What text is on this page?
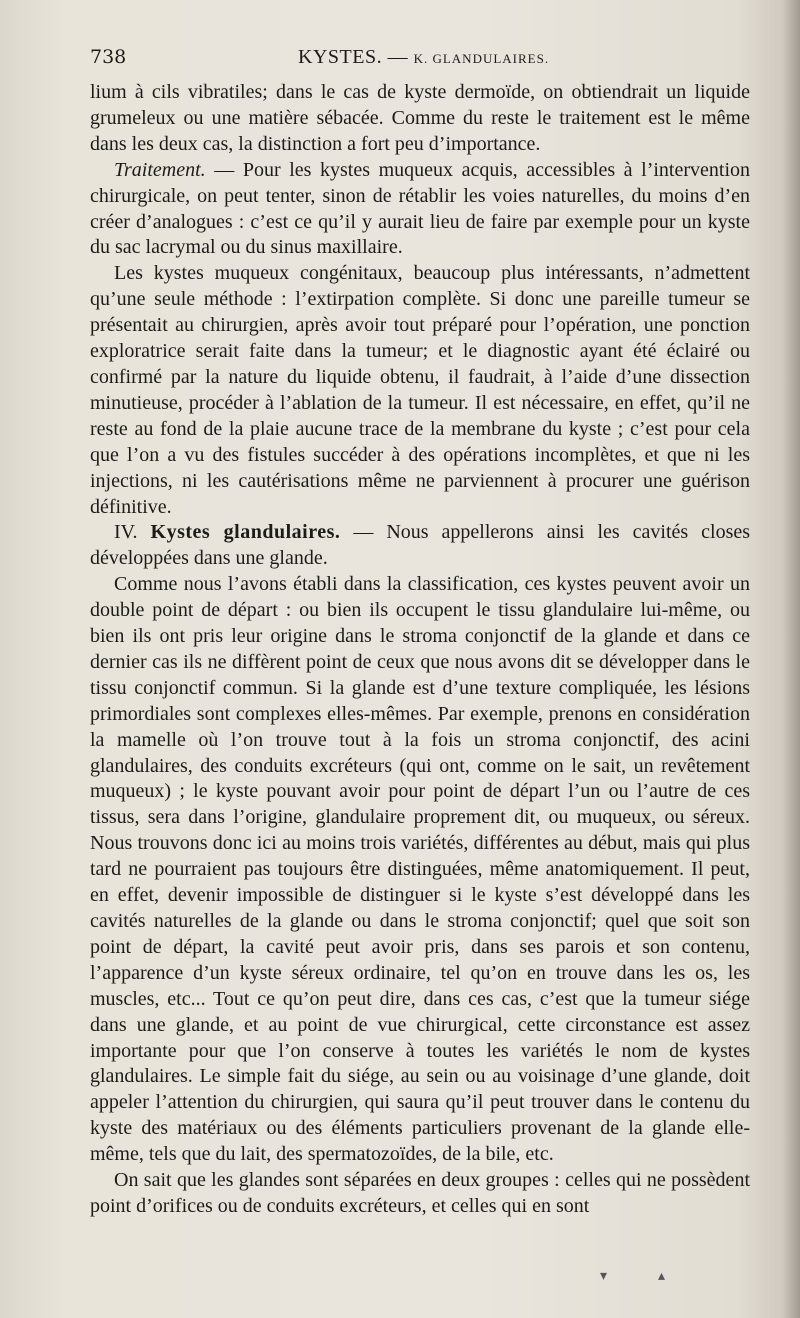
738	KYSTES. — K. GLANDULAIRES.

lium à cils vibratiles; dans le cas de kyste dermoïde, on obtiendrait un liquide grumeleux ou une matière sébacée. Comme du reste le traitement est le même dans les deux cas, la distinction a fort peu d’importance.

Traitement. — Pour les kystes muqueux acquis, accessibles à l’intervention chirurgicale, on peut tenter, sinon de rétablir les voies naturelles, du moins d’en créer d’analogues : c’est ce qu’il y aurait lieu de faire par exemple pour un kyste du sac lacrymal ou du sinus maxillaire.

Les kystes muqueux congénitaux, beaucoup plus intéressants, n’admettent qu’une seule méthode : l’extirpation complète. Si donc une pareille tumeur se présentait au chirurgien, après avoir tout préparé pour l’opération, une ponction exploratrice serait faite dans la tumeur; et le diagnostic ayant été éclairé ou confirmé par la nature du liquide obtenu, il faudrait, à l’aide d’une dissection minutieuse, procéder à l’ablation de la tumeur. Il est nécessaire, en effet, qu’il ne reste au fond de la plaie aucune trace de la membrane du kyste ; c’est pour cela que l’on a vu des fistules succéder à des opérations incomplètes, et que ni les injections, ni les cautérisations même ne parviennent à procurer une guérison définitive.

IV. Kystes glandulaires. — Nous appellerons ainsi les cavités closes développées dans une glande.

Comme nous l’avons établi dans la classification, ces kystes peuvent avoir un double point de départ : ou bien ils occupent le tissu glandulaire lui-même, ou bien ils ont pris leur origine dans le stroma conjonctif de la glande et dans ce dernier cas ils ne diffèrent point de ceux que nous avons dit se développer dans le tissu conjonctif commun. Si la glande est d’une texture compliquée, les lésions primordiales sont complexes elles-mêmes. Par exemple, prenons en considération la mamelle où l’on trouve tout à la fois un stroma conjonctif, des acini glandulaires, des conduits excréteurs (qui ont, comme on le sait, un revêtement muqueux) ; le kyste pouvant avoir pour point de départ l’un ou l’autre de ces tissus, sera dans l’origine, glandulaire proprement dit, ou muqueux, ou séreux. Nous trouvons donc ici au moins trois variétés, différentes au début, mais qui plus tard ne pourraient pas toujours être distinguées, même anatomiquement. Il peut, en effet, devenir impossible de distinguer si le kyste s’est développé dans les cavités naturelles de la glande ou dans le stroma conjonctif; quel que soit son point de départ, la cavité peut avoir pris, dans ses parois et son contenu, l’apparence d’un kyste séreux ordinaire, tel qu’on en trouve dans les os, les muscles, etc... Tout ce qu’on peut dire, dans ces cas, c’est que la tumeur siége dans une glande, et au point de vue chirurgical, cette circonstance est assez importante pour que l’on conserve à toutes les variétés le nom de kystes glandulaires. Le simple fait du siége, au sein ou au voisinage d’une glande, doit appeler l’attention du chirurgien, qui saura qu’il peut trouver dans le contenu du kyste des matériaux ou des éléments particuliers provenant de la glande elle-même, tels que du lait, des spermatozoïdes, de la bile, etc.

On sait que les glandes sont séparées en deux groupes : celles qui ne possèdent point d’orifices ou de conduits excréteurs, et celles qui en sont

▾	▴
